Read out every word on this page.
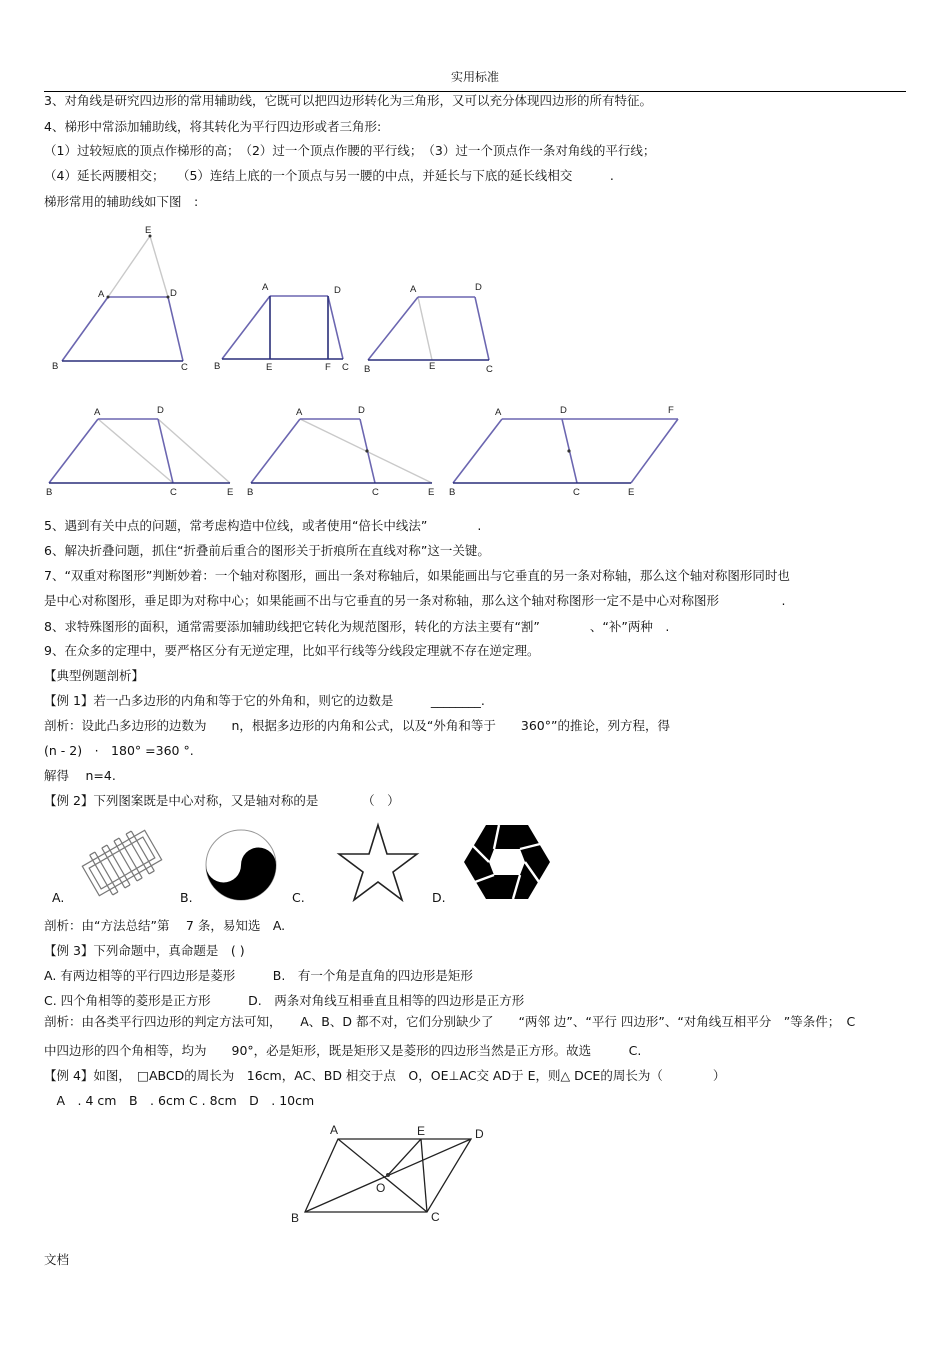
实用标准
3、对角线是研究四边形的常用辅助线，它既可以把四边形转化为三角形，又可以充分体现四边形的所有特征。
4、梯形中常添加辅助线，将其转化为平行四边形或者三角形:
（1）过较短底的顶点作梯形的高；　（2）过一个顶点作腰的平行线；　（3）过一个顶点作一条对角线的平行线；
（4）延长两腰相交；　　（5）连结上底的一个顶点与另一腰的中点，并延长与下底的延长线相交　　　.
梯形常用的辅助线如下图　:
E
A	D
B	C
A	D
B	E	F C
A	D
B	E	C
5、遇到有关中点的问题，常考虑构造中位线，或者使用“倍长中线法”　　　　.
6、解决折叠问题，抓住“折叠前后重合的图形关于折痕所在直线对称”这一关键。
7、“双重对称图形”判断妙着：一个轴对称图形，画出一条对称轴后，如果能画出与它垂直的另一条对称轴，那么这个轴对称图形同时也
是中心对称图形，垂足即为对称中心；如果能画不出与它垂直的另一条对称轴，那么这个轴对称图形一定不是中心对称图形　　　　　.
8、求特殊图形的面积，通常需要添加辅助线把它转化为规范图形，转化的方法主要有“割”　　　　、“补”两种　.
9、在众多的定理中，要严格区分有无逆定理，比如平行线等分线段定理就不存在逆定理。
【典型例题剖析】
A	D
B	C	E
A	D
B	C	E
A	D	F
B	C	E
【例 1】若一凸多边形的内角和等于它的外角和，则它的边数是　　　________.
剖析：设此凸多边形的边数为　　n，根据多边形的内角和公式，以及“外角和等于　　360°”的推论，列方程，得
(n - 2)　·　180° =360 °.
解得　 n=4.
【例 2】下列图案既是中心对称，又是轴对称的是　　　　（　）
A.	B.	C.	D.
剖析：由“方法总结”第　 7 条，易知选　A.
【例 3】下列命题中，真命题是　( )
A. 有两边相等的平行四边形是菱形　　　B.　有一个角是直角的四边形是矩形
C. 四个角相等的菱形是正方形　　　D.　两条对角线互相垂直且相等的四边形是正方形
剖析：由各类平行四边形的判定方法可知，　　A、B、D 都不对，它们分别缺少了　　“两邻 边”、“平行 四边形”、“对角线互相平分　”等条件；　C
中四边形的四个角相等，均为　　90°，必是矩形，既是矩形又是菱形的四边形当然是正方形。故选　　　C.
【例 4】如图，　□ABCD的周长为　16cm，AC、BD 相交于点　O，OE⊥AC交 AD于 E，则△ DCE的周长为（　　　　）
　A　. 4 cm　B　. 6cm C . 8cm　D　. 10cm
A	E	D
O
B	C
文档
